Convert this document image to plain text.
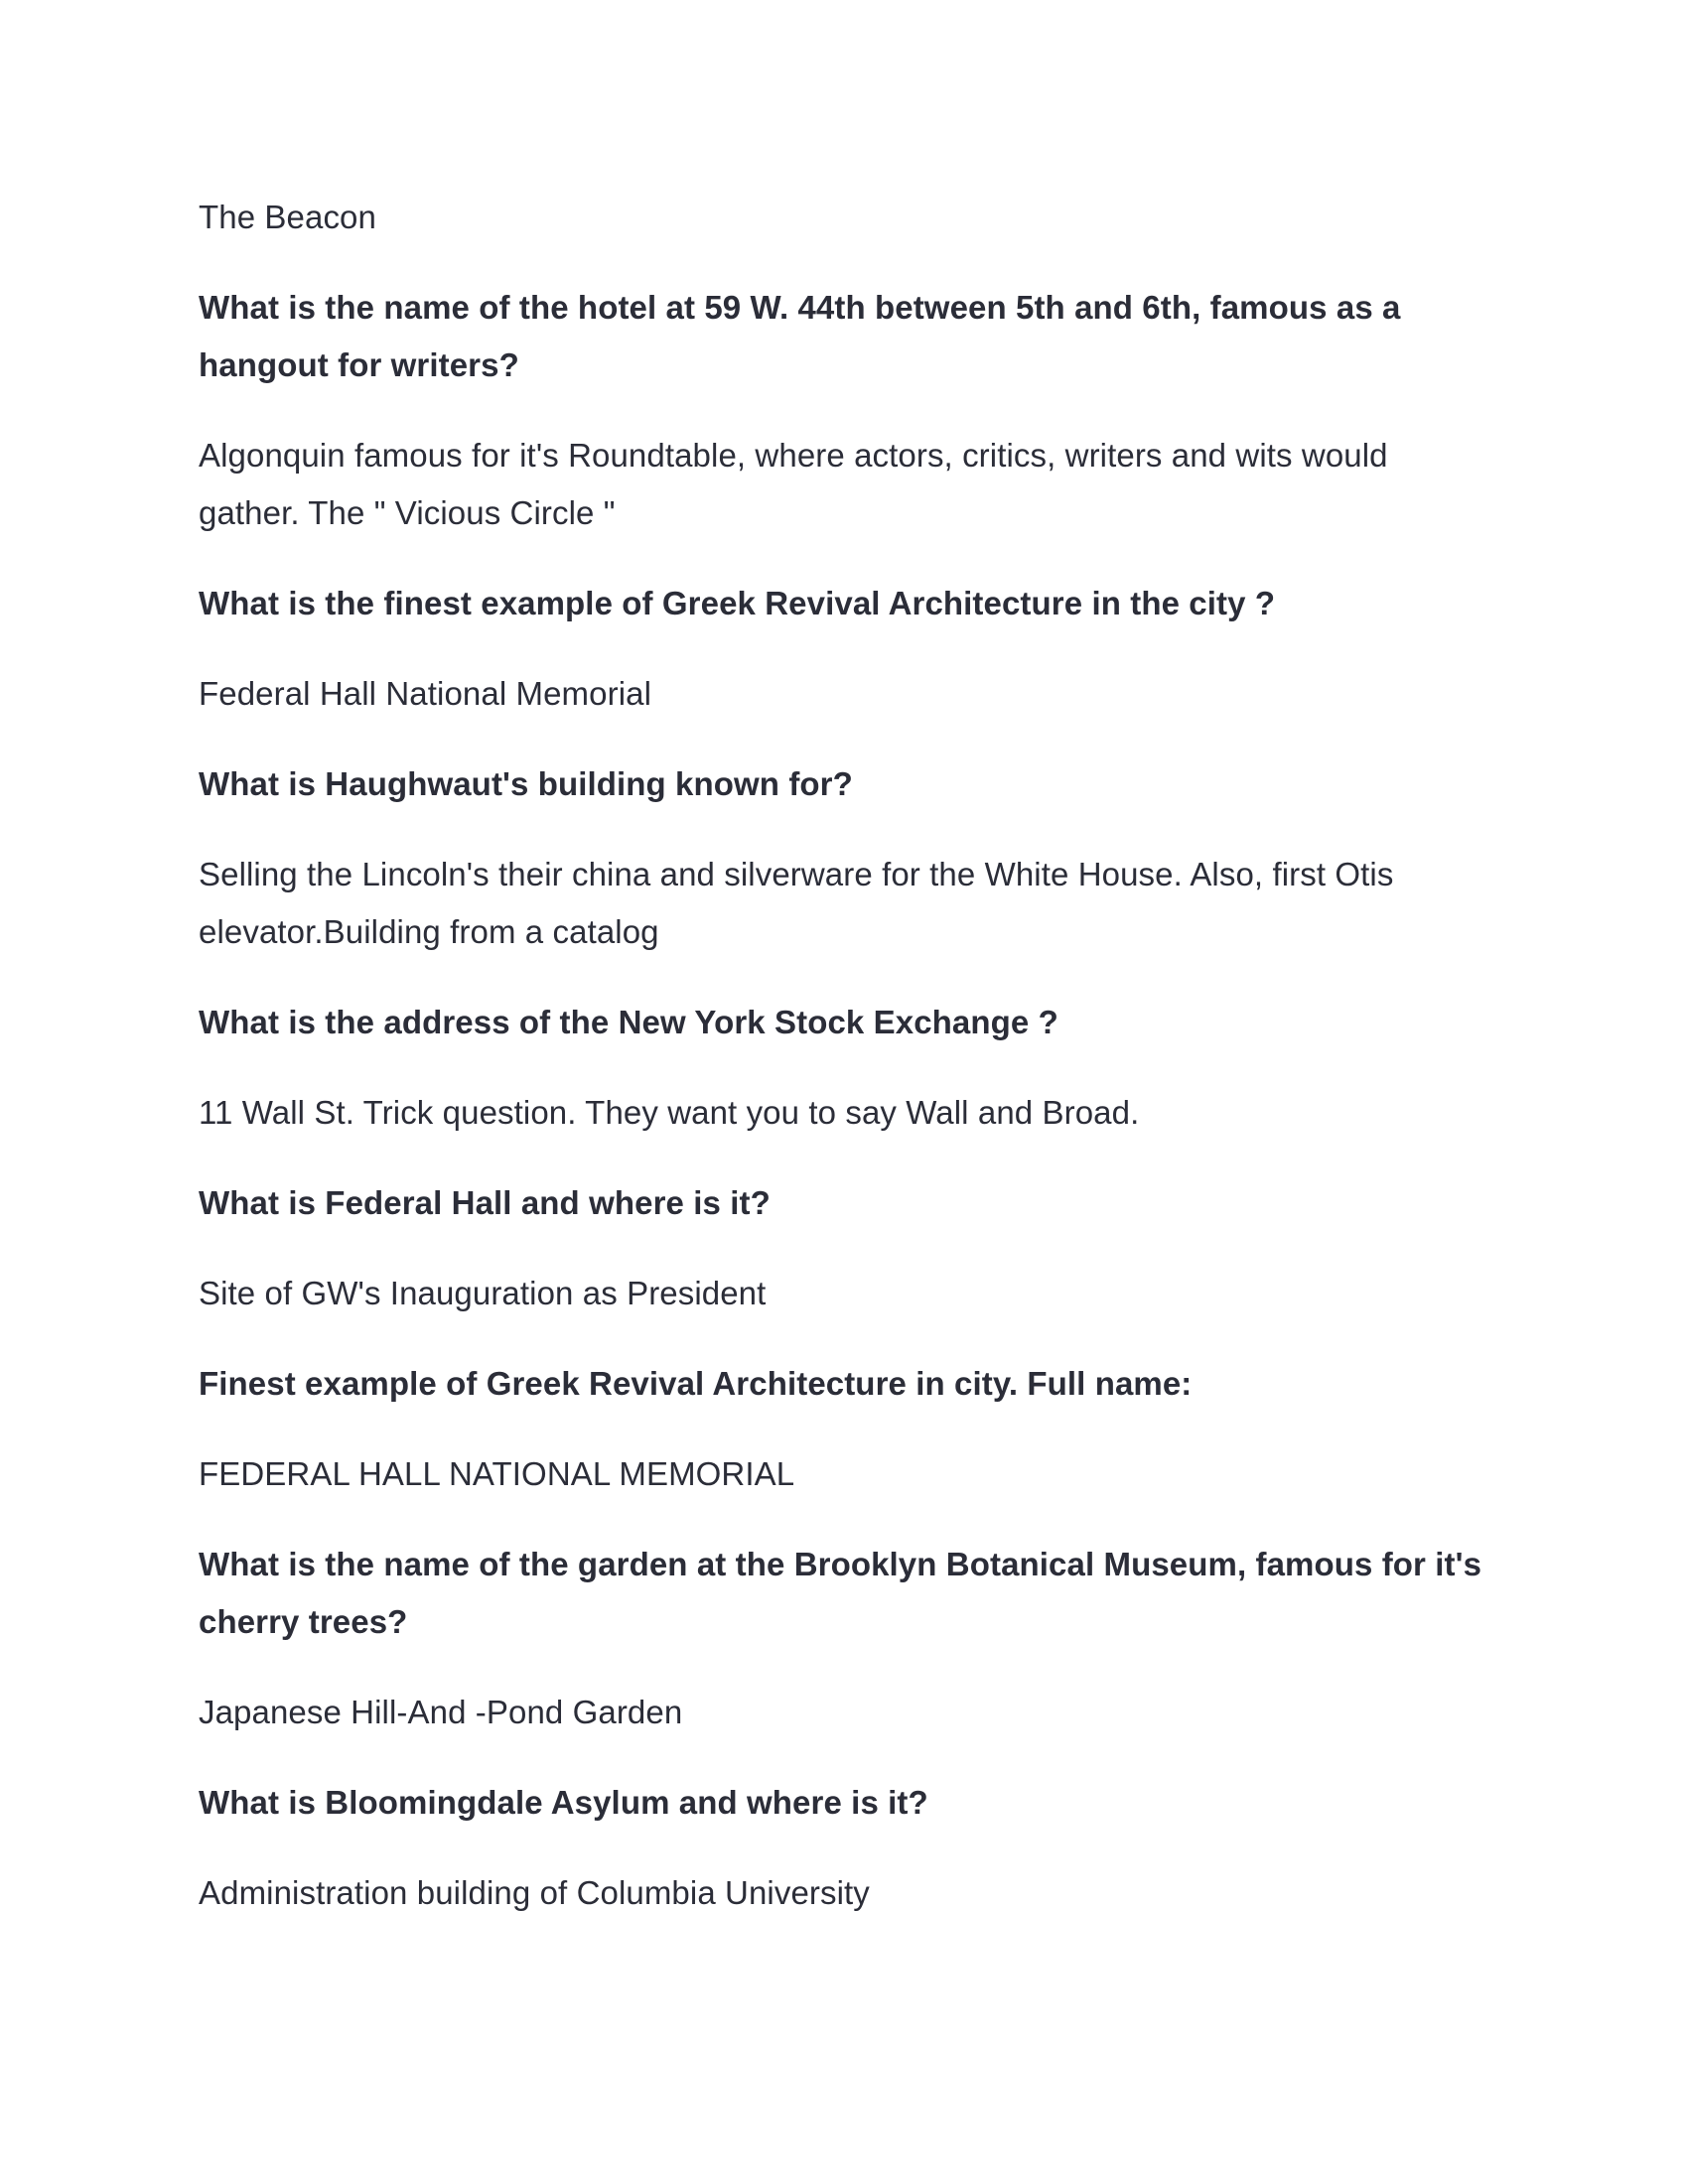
The Beacon

What is the name of the hotel at 59 W. 44th between 5th and 6th, famous as a hangout for writers?

Algonquin famous for it's Roundtable, where actors, critics, writers and wits would gather. The " Vicious Circle "

What is the finest example of Greek Revival Architecture in the city ?

Federal Hall National Memorial

What is Haughwaut's building known for?

Selling the Lincoln's their china and silverware for the White House. Also, first Otis elevator.Building from a catalog

What is the address of the New York Stock Exchange ?

11 Wall St. Trick question. They want you to say Wall and Broad.

What is Federal Hall and where is it?

Site of GW's Inauguration as President

Finest example of Greek Revival Architecture in city. Full name:

FEDERAL HALL NATIONAL MEMORIAL

What is the name of the garden at the Brooklyn Botanical Museum, famous for it's cherry trees?

Japanese Hill-And -Pond Garden

What is Bloomingdale Asylum and where is it?

Administration building of Columbia University
